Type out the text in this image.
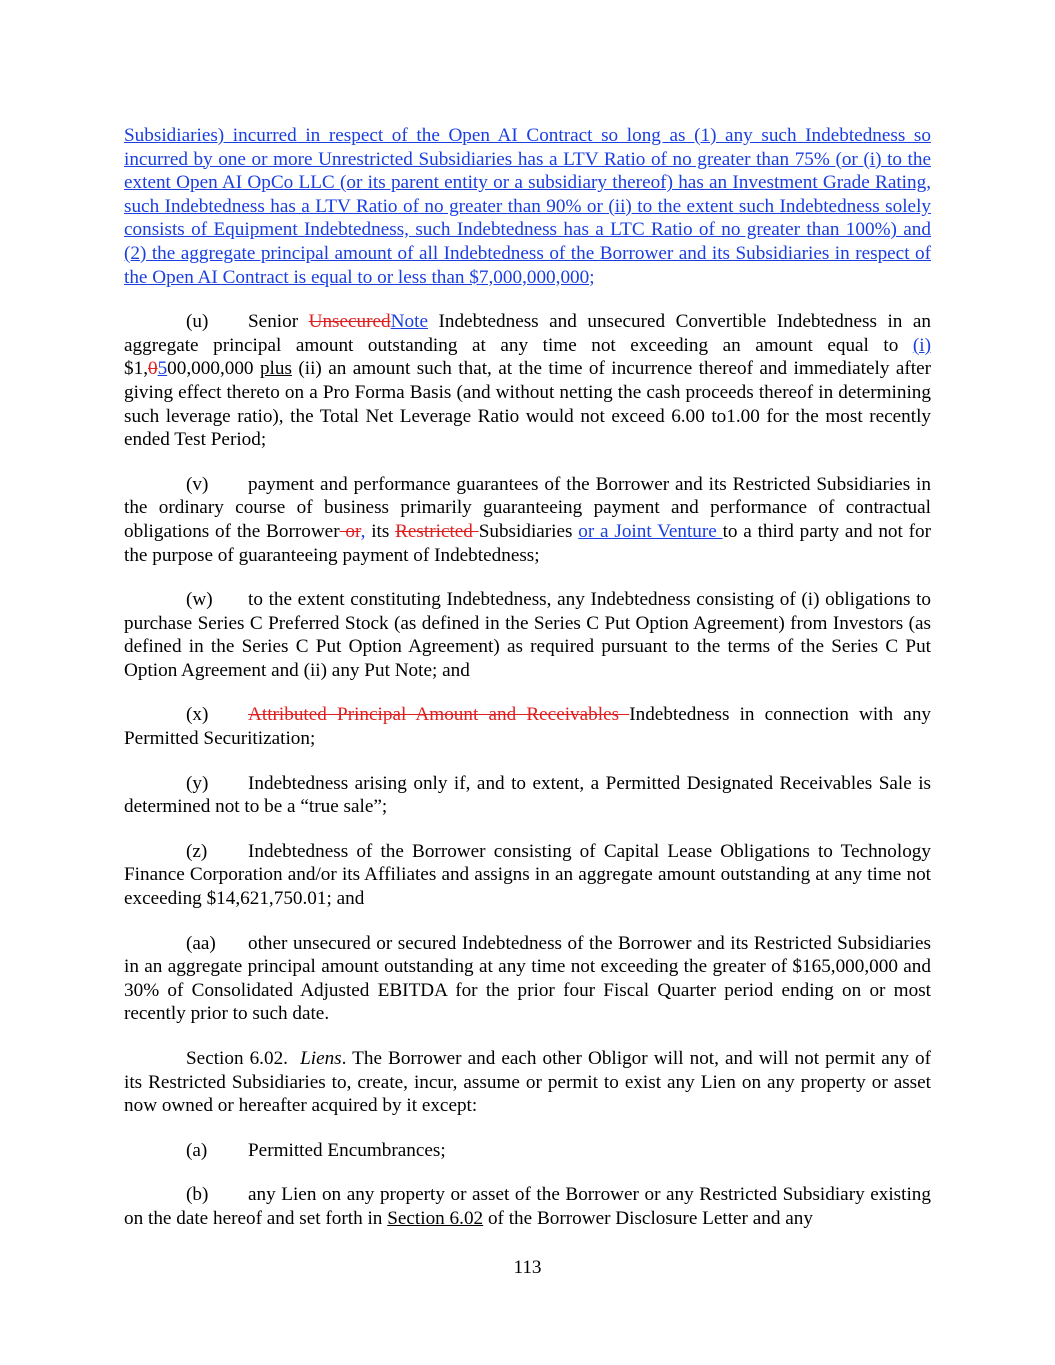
Subsidiaries) incurred in respect of the Open AI Contract so long as (1) any such Indebtedness so incurred by one or more Unrestricted Subsidiaries has a LTV Ratio of no greater than 75% (or (i) to the extent Open AI OpCo LLC (or its parent entity or a subsidiary thereof) has an Investment Grade Rating, such Indebtedness has a LTV Ratio of no greater than 90% or (ii) to the extent such Indebtedness solely consists of Equipment Indebtedness, such Indebtedness has a LTC Ratio of no greater than 100%) and (2) the aggregate principal amount of all Indebtedness of the Borrower and its Subsidiaries in respect of the Open AI Contract is equal to or less than $7,000,000,000;

(u) Senior UnsecuredNote Indebtedness and unsecured Convertible Indebtedness in an aggregate principal amount outstanding at any time not exceeding an amount equal to (i) $1,0500,000,000 plus (ii) an amount such that, at the time of incurrence thereof and immediately after giving effect thereto on a Pro Forma Basis (and without netting the cash proceeds thereof in determining such leverage ratio), the Total Net Leverage Ratio would not exceed 6.00 to1.00 for the most recently ended Test Period;

(v) payment and performance guarantees of the Borrower and its Restricted Subsidiaries in the ordinary course of business primarily guaranteeing payment and performance of contractual obligations of the Borrower or, its Restricted Subsidiaries or a Joint Venture to a third party and not for the purpose of guaranteeing payment of Indebtedness;

(w) to the extent constituting Indebtedness, any Indebtedness consisting of (i) obligations to purchase Series C Preferred Stock (as defined in the Series C Put Option Agreement) from Investors (as defined in the Series C Put Option Agreement) as required pursuant to the terms of the Series C Put Option Agreement and (ii) any Put Note; and

(x) Attributed Principal Amount and Receivables Indebtedness in connection with any Permitted Securitization;

(y) Indebtedness arising only if, and to extent, a Permitted Designated Receivables Sale is determined not to be a “true sale”;

(z) Indebtedness of the Borrower consisting of Capital Lease Obligations to Technology Finance Corporation and/or its Affiliates and assigns in an aggregate amount outstanding at any time not exceeding $14,621,750.01; and

(aa) other unsecured or secured Indebtedness of the Borrower and its Restricted Subsidiaries in an aggregate principal amount outstanding at any time not exceeding the greater of $165,000,000 and 30% of Consolidated Adjusted EBITDA for the prior four Fiscal Quarter period ending on or most recently prior to such date.

Section 6.02. Liens. The Borrower and each other Obligor will not, and will not permit any of its Restricted Subsidiaries to, create, incur, assume or permit to exist any Lien on any property or asset now owned or hereafter acquired by it except:

(a) Permitted Encumbrances;

(b) any Lien on any property or asset of the Borrower or any Restricted Subsidiary existing on the date hereof and set forth in Section 6.02 of the Borrower Disclosure Letter and any

113
